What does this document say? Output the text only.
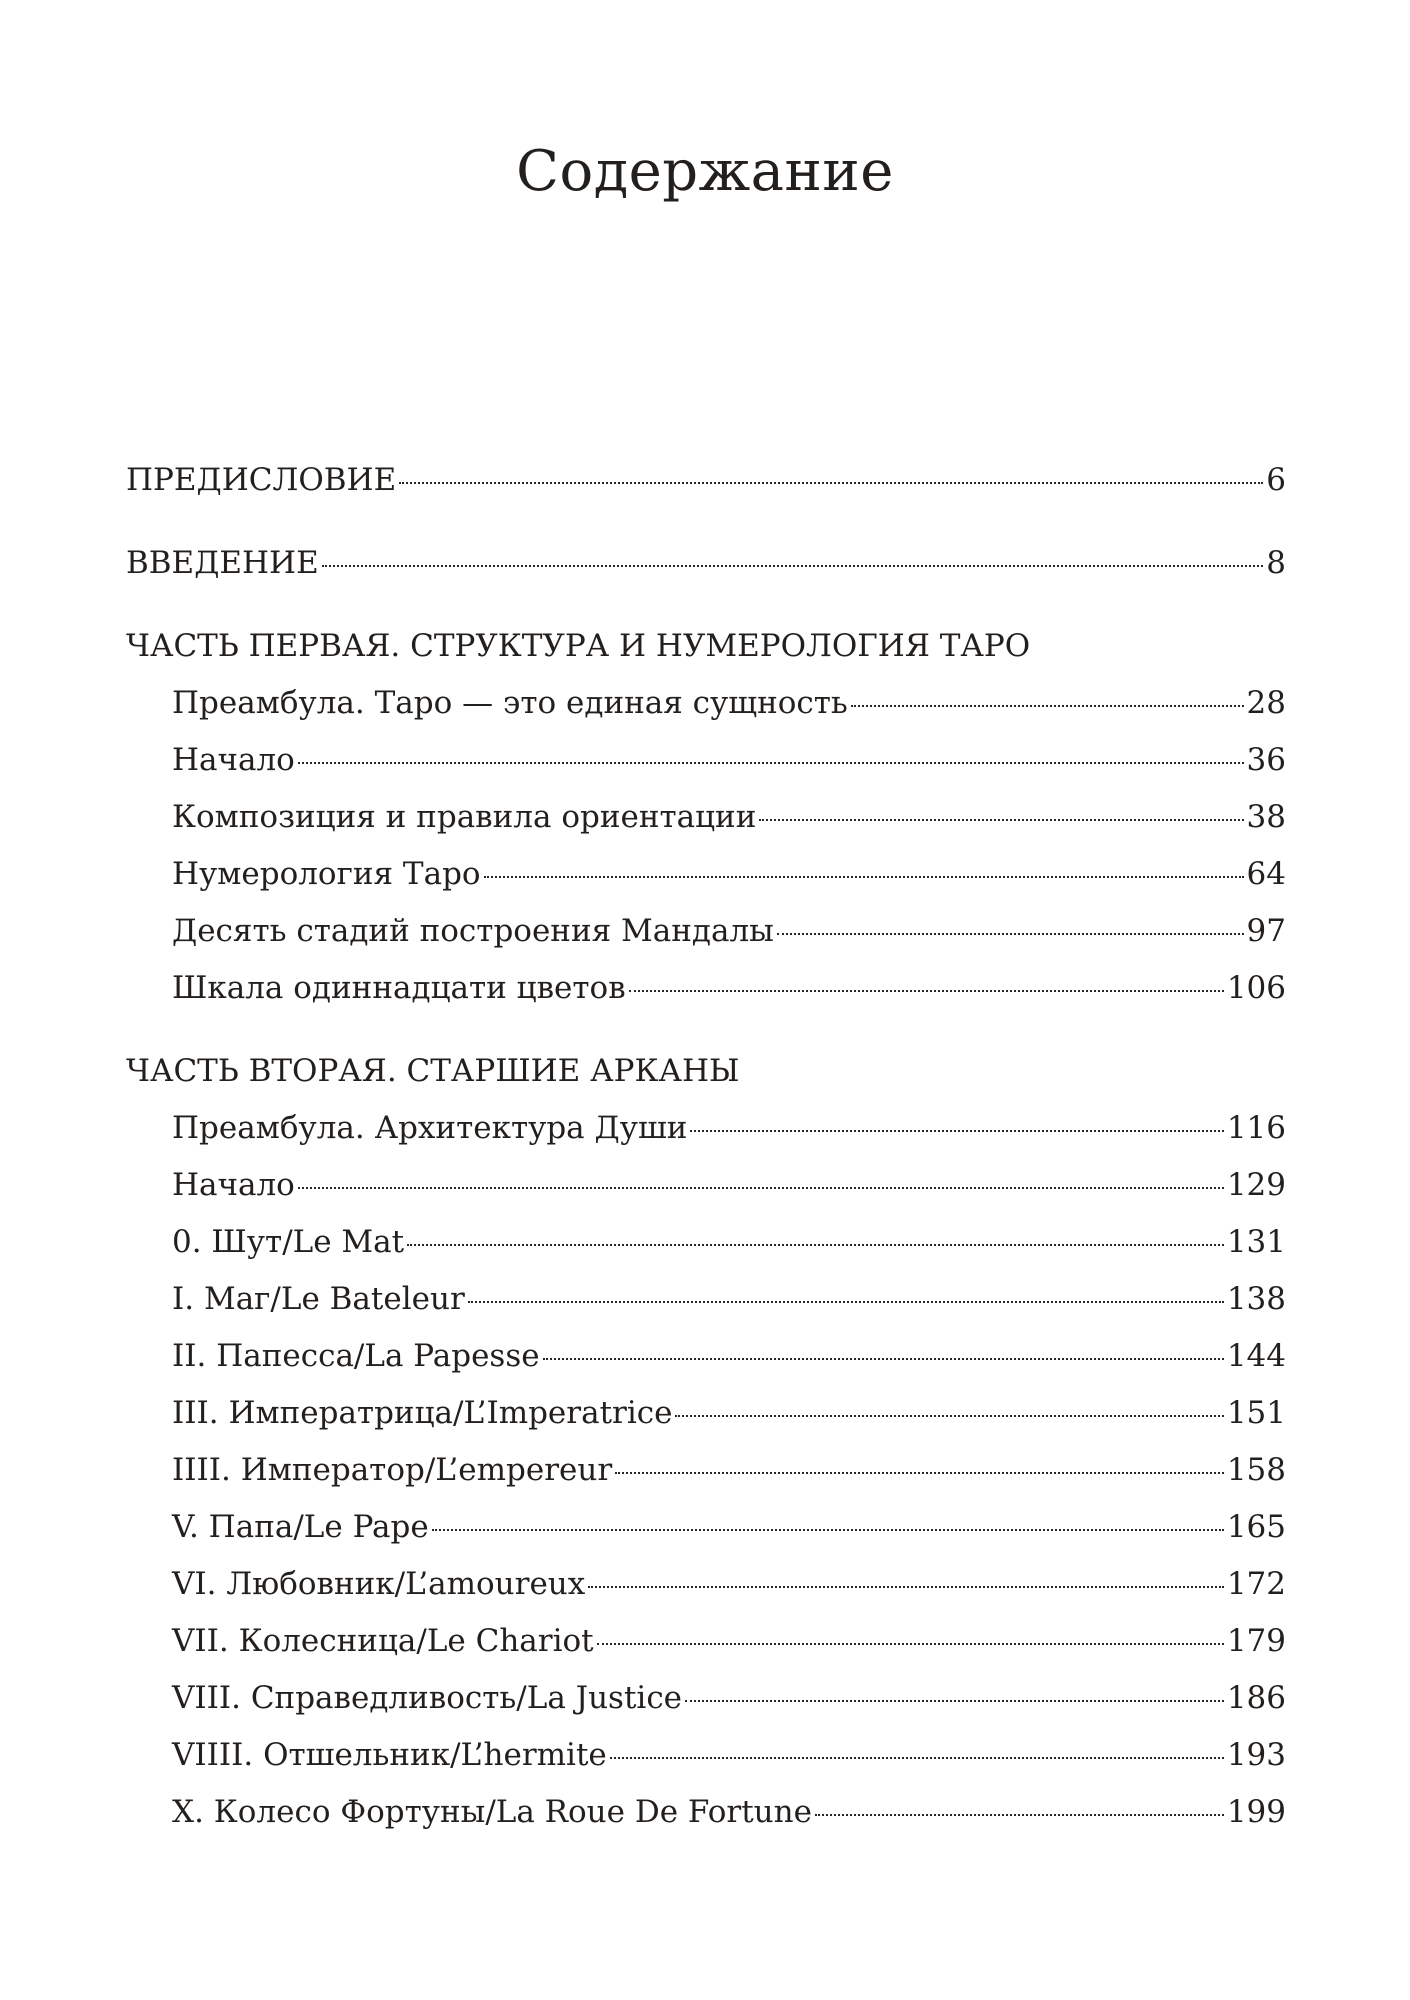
Содержание
ПРЕДИСЛОВИЕ	6
ВВЕДЕНИЕ	8
ЧАСТЬ ПЕРВАЯ. СТРУКТУРА И НУМЕРОЛОГИЯ ТАРО
Преамбула. Таро — это единая сущность	28
Начало	36
Композиция и правила ориентации	38
Нумерология Таро	64
Десять стадий построения Мандалы	97
Шкала одиннадцати цветов	106
ЧАСТЬ ВТОРАЯ. СТАРШИЕ АРКАНЫ
Преамбула. Архитектура Души	116
Начало	129
0. Шут/Le Mat	131
I. Маг/Le Bateleur	138
II. Папесса/La Papesse	144
III. Императрица/L’Imperatrice	151
IIII. Император/L’empereur	158
V. Папа/Le Pape	165
VI. Любовник/L’amoureux	172
VII. Колесница/Le Chariot	179
VIII. Справедливость/La Justice	186
VIIII. Отшельник/L’hermite	193
X. Колесо Фортуны/La Roue De Fortune	199
